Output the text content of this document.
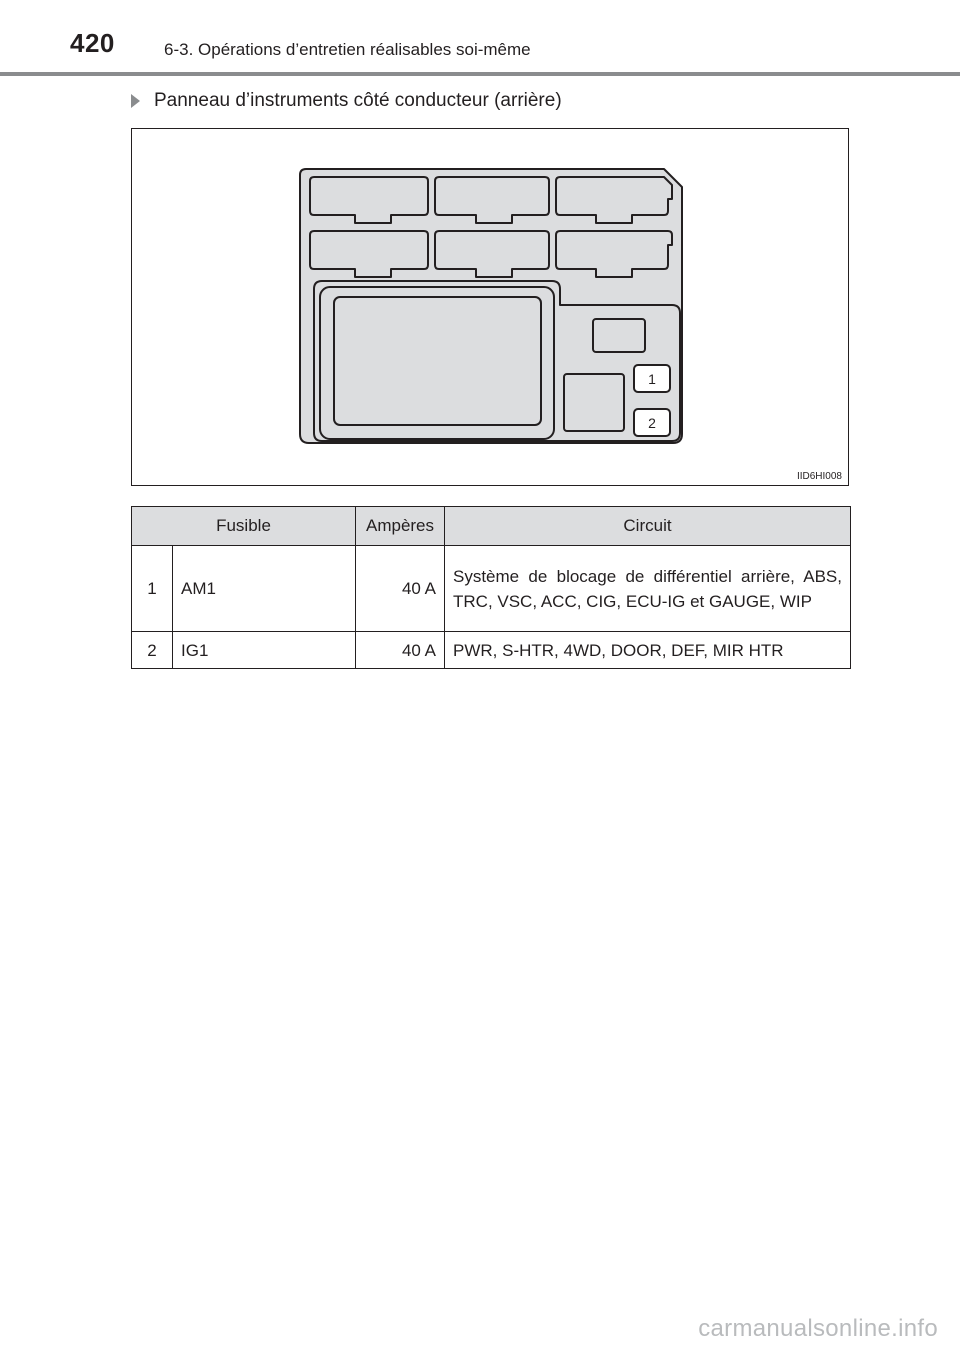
420	6-3. Opérations d’entretien réalisables soi-même
Panneau d’instruments côté conducteur (arrière)
1
2
IID6HI008
Fusible		Ampères	Circuit
1	AM1	40 A	Système de blocage de différentiel arrière, ABS, TRC, VSC, ACC, CIG, ECU-IG et GAUGE, WIP
2	IG1	40 A	PWR, S-HTR, 4WD, DOOR, DEF, MIR HTR
carmanualsonline.info
